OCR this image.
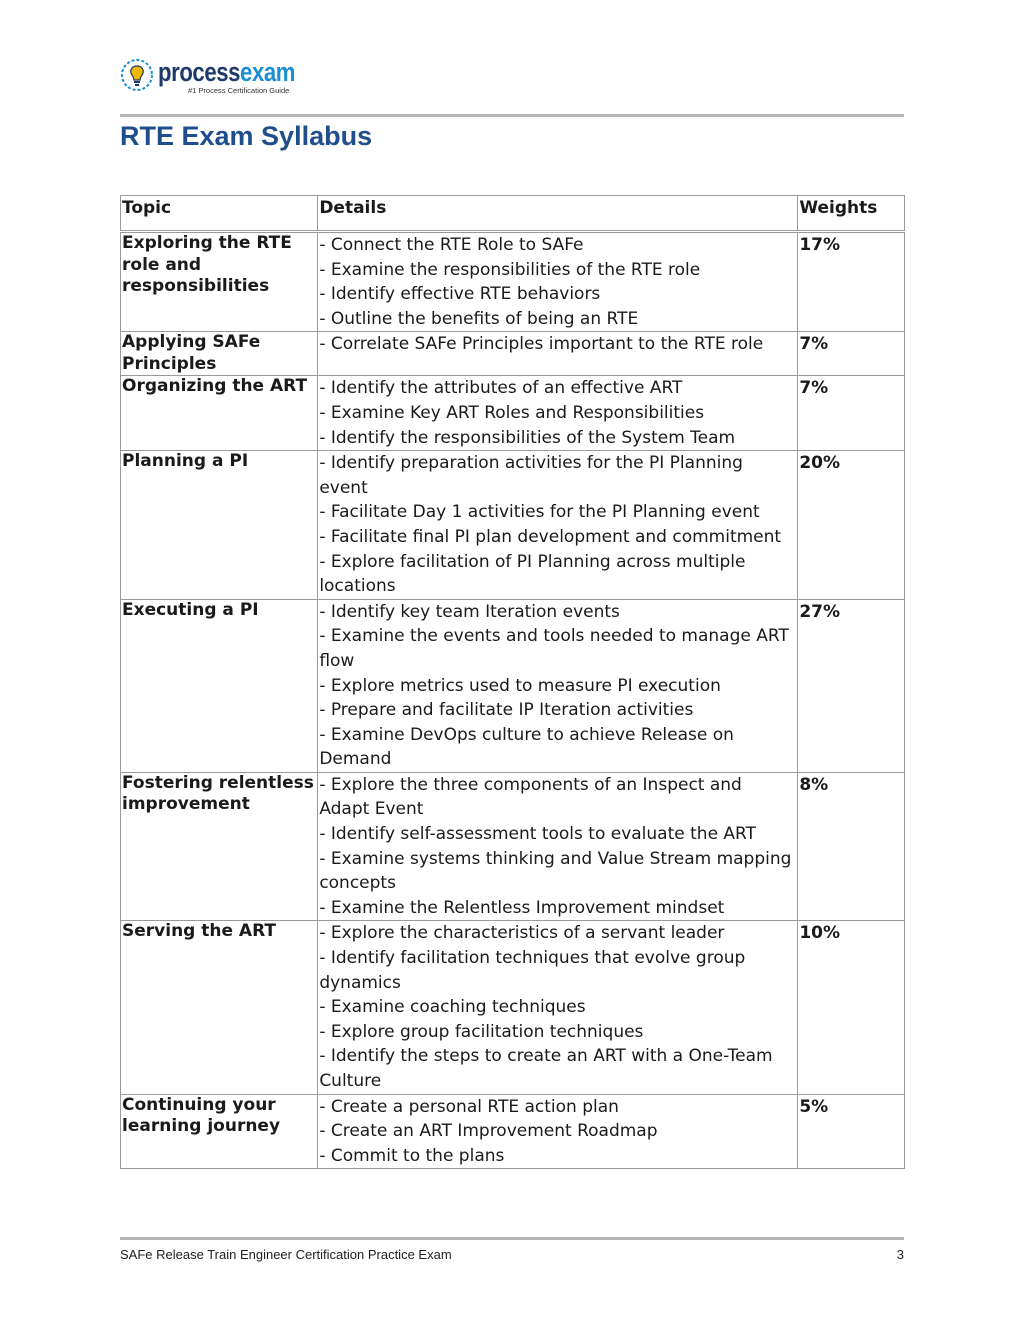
processexam
#1 Process Certification Guide
RTE Exam Syllabus
Topic	Details	Weights
Exploring the RTE role and responsibilities	- Connect the RTE Role to SAFe
- Examine the responsibilities of the RTE role
- Identify effective RTE behaviors
- Outline the benefits of being an RTE	17%
Applying SAFe Principles	- Correlate SAFe Principles important to the RTE role	7%
Organizing the ART	- Identify the attributes of an effective ART
- Examine Key ART Roles and Responsibilities
- Identify the responsibilities of the System Team	7%
Planning a PI	- Identify preparation activities for the PI Planning event
- Facilitate Day 1 activities for the PI Planning event
- Facilitate final PI plan development and commitment
- Explore facilitation of PI Planning across multiple locations	20%
Executing a PI	- Identify key team Iteration events
- Examine the events and tools needed to manage ART flow
- Explore metrics used to measure PI execution
- Prepare and facilitate IP Iteration activities
- Examine DevOps culture to achieve Release on Demand	27%
Fostering relentless improvement	- Explore the three components of an Inspect and Adapt Event
- Identify self-assessment tools to evaluate the ART
- Examine systems thinking and Value Stream mapping concepts
- Examine the Relentless Improvement mindset	8%
Serving the ART	- Explore the characteristics of a servant leader
- Identify facilitation techniques that evolve group dynamics
- Examine coaching techniques
- Explore group facilitation techniques
- Identify the steps to create an ART with a One-Team Culture	10%
Continuing your learning journey	- Create a personal RTE action plan
- Create an ART Improvement Roadmap
- Commit to the plans	5%
SAFe Release Train Engineer Certification Practice Exam	3
